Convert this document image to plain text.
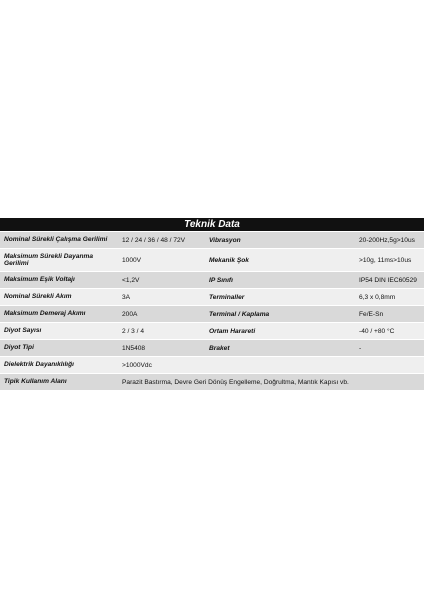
Teknik Data
Nominal Sürekli Çalışma Gerilimi	12 / 24 / 36 / 48 / 72V	Vibrasyon	20-200Hz,5g>10us
Maksimum Sürekli Dayanma Gerilimi	1000V	Mekanik Şok	>10g, 11ms>10us
Maksimum Eşik Voltajı	<1,2V	IP Sınıfı	IP54 DIN IEC60529
Nominal Sürekli Akım	3A	Terminaller	6,3 x 0,8mm
Maksimum Demeraj Akımı	200A	Terminal / Kaplama	Fe/E-Sn
Diyot Sayısı	2 / 3 / 4	Ortam Harareti	-40 / +80 °C
Diyot Tipi	1N5408	Braket	-
Dielektrik Dayanıklılığı	>1000Vdc
Tipik Kullanım Alanı	Parazit Bastırma, Devre Geri Dönüş Engelleme, Doğrultma, Mantık Kapısı vb.
